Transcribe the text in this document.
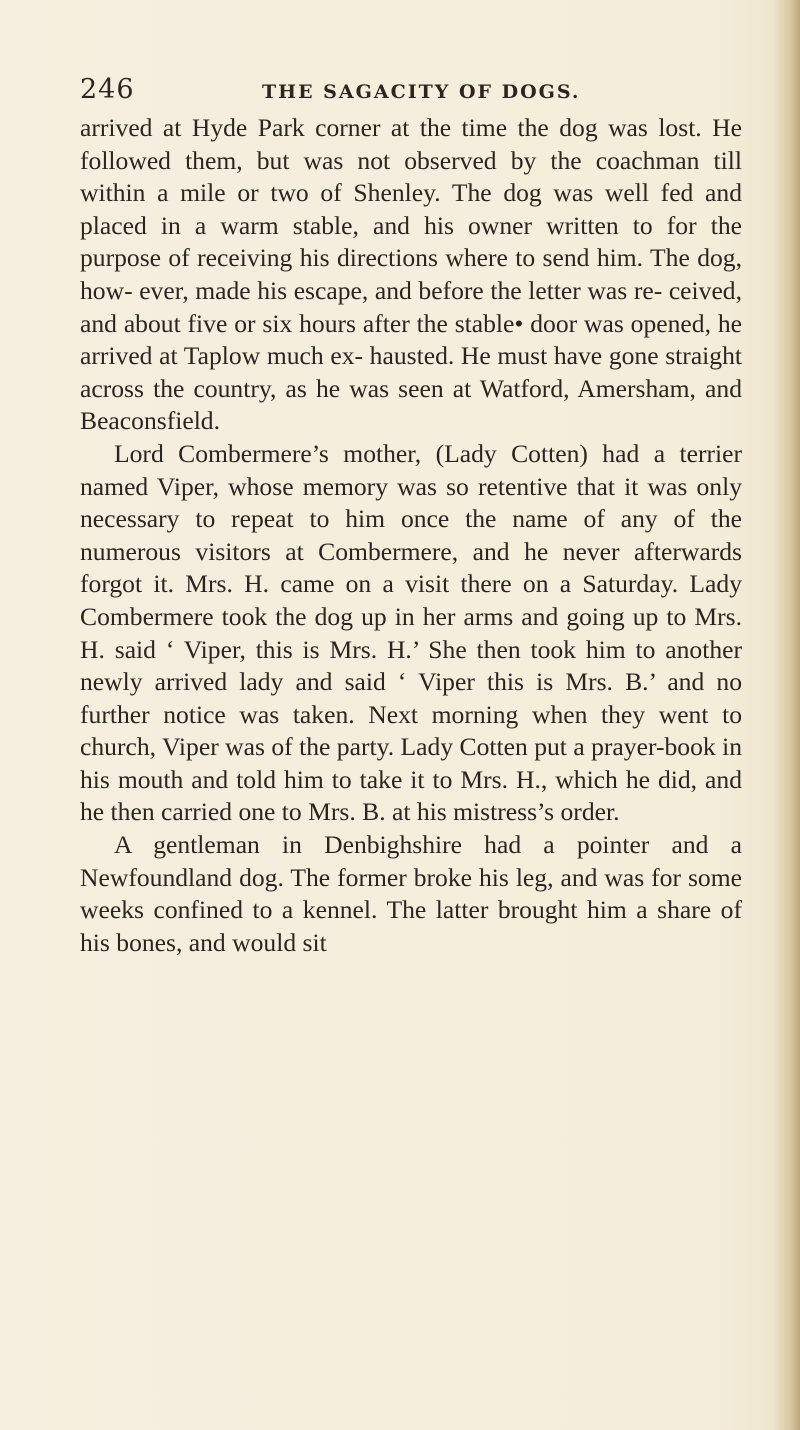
246	THE SAGACITY OF DOGS.

arrived at Hyde Park corner at the time the dog was lost. He followed them, but was not observed by the coachman till within a mile or two of Shenley. The dog was well fed and placed in a warm stable, and his owner written to for the purpose of receiving his directions where to send him. The dog, how- ever, made his escape, and before the letter was re- ceived, and about five or six hours after the stable• door was opened, he arrived at Taplow much ex- hausted. He must have gone straight across the country, as he was seen at Watford, Amersham, and Beaconsfield.

Lord Combermere’s mother, (Lady Cotten) had a terrier named Viper, whose memory was so retentive that it was only necessary to repeat to him once the name of any of the numerous visitors at Combermere, and he never afterwards forgot it. Mrs. H. came on a visit there on a Saturday. Lady Combermere took the dog up in her arms and going up to Mrs. H. said ‘ Viper, this is Mrs. H.’ She then took him to another newly arrived lady and said ‘ Viper this is Mrs. B.’ and no further notice was taken. Next morning when they went to church, Viper was of the party. Lady Cotten put a prayer-book in his mouth and told him to take it to Mrs. H., which he did, and he then carried one to Mrs. B. at his mistress’s order.

A gentleman in Denbighshire had a pointer and a Newfoundland dog. The former broke his leg, and was for some weeks confined to a kennel. The latter brought him a share of his bones, and would sit
